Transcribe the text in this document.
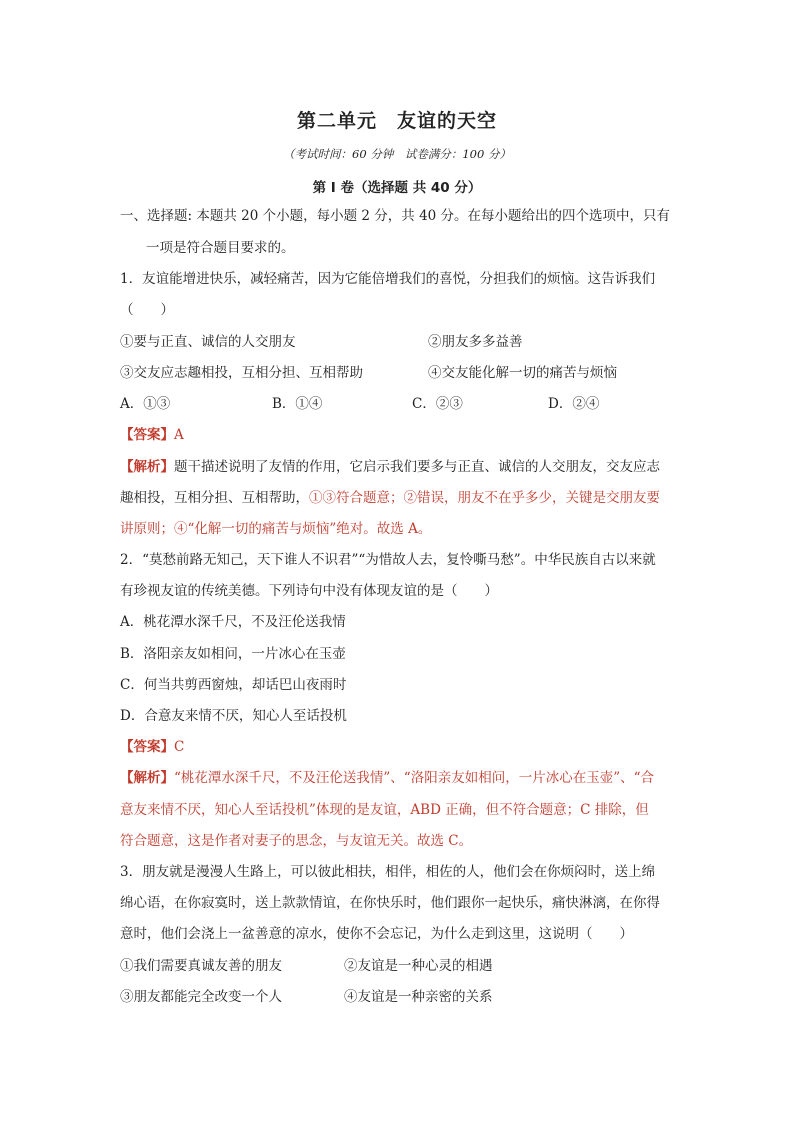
第二单元　友谊的天空
（考试时间：60 分钟　试卷满分：100 分）
第 I 卷（选择题 共 40 分）
一、选择题: 本题共 20 个小题，每小题 2 分，共 40 分。在每小题给出的四个选项中，只有
一项是符合题目要求的。
1．友谊能增进快乐，减轻痛苦，因为它能倍增我们的喜悦，分担我们的烦恼。这告诉我们
（　　）
①要与正直、诚信的人交朋友	②朋友多多益善
③交友应志趣相投，互相分担、互相帮助	④交友能化解一切的痛苦与烦恼
A．①③	B．①④	C．②③	D．②④
【答案】A
【解析】题干描述说明了友情的作用，它启示我们要多与正直、诚信的人交朋友，交友应志
趣相投，互相分担、互相帮助，①③符合题意；②错误，朋友不在乎多少，关键是交朋友要
讲原则；④“化解一切的痛苦与烦恼”绝对。故选 A。
2．“莫愁前路无知己，天下谁人不识君”“为惜故人去，复怜嘶马愁”。中华民族自古以来就
有珍视友谊的传统美德。下列诗句中没有体现友谊的是（　　）
A．桃花潭水深千尺，不及汪伦送我情
B．洛阳亲友如相问，一片冰心在玉壶
C．何当共剪西窗烛，却话巴山夜雨时
D．合意友来情不厌，知心人至话投机
【答案】C
【解析】“桃花潭水深千尺，不及汪伦送我情”、“洛阳亲友如相问，一片冰心在玉壶”、“合
意友来情不厌，知心人至话投机”体现的是友谊，ABD 正确，但不符合题意；C 排除，但
符合题意，这是作者对妻子的思念，与友谊无关。故选 C。
3．朋友就是漫漫人生路上，可以彼此相扶，相伴，相佐的人，他们会在你烦闷时，送上绵
绵心语，在你寂寞时，送上款款情谊，在你快乐时，他们跟你一起快乐，痛快淋漓，在你得
意时，他们会浇上一盆善意的凉水，使你不会忘记，为什么走到这里，这说明（　　）
①我们需要真诚友善的朋友	②友谊是一种心灵的相遇
③朋友都能完全改变一个人	④友谊是一种亲密的关系
